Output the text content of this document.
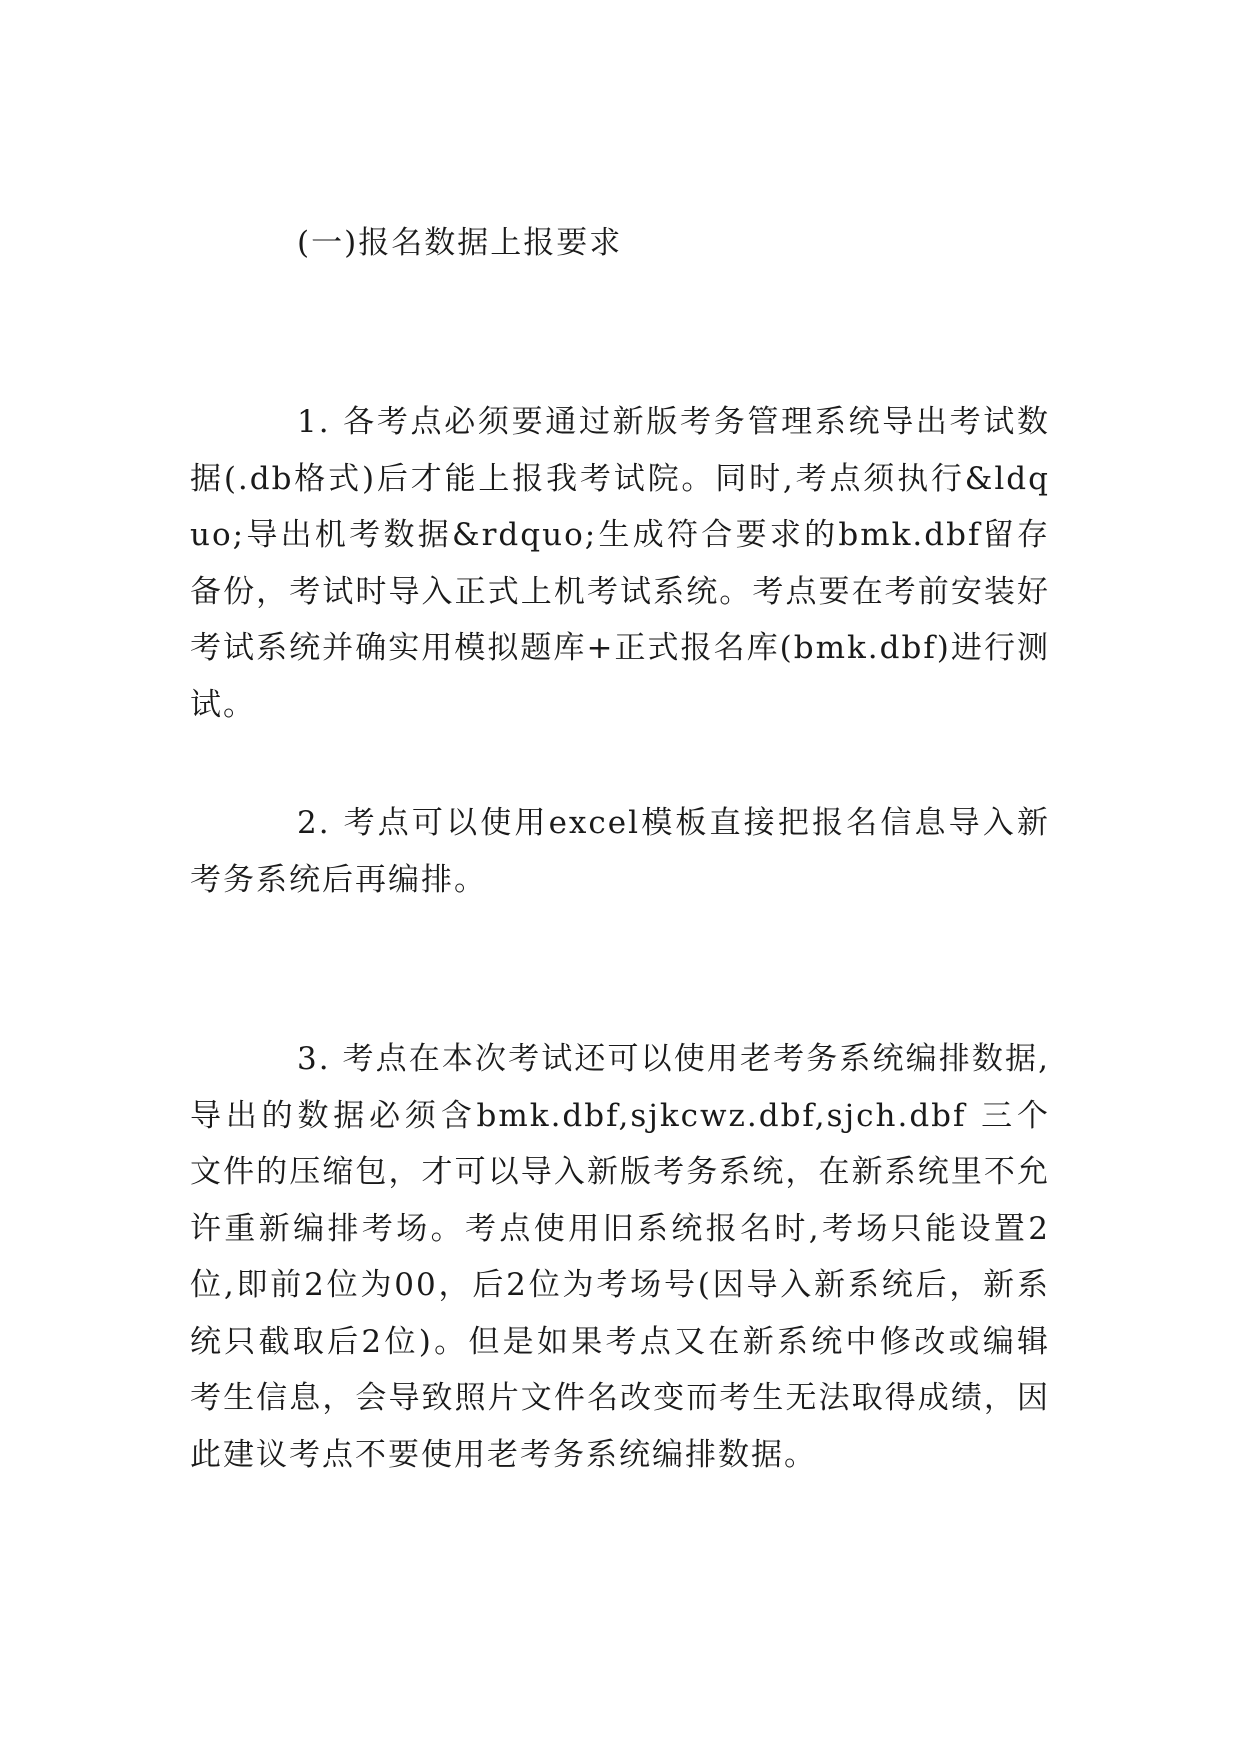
(一)报名数据上报要求

1. 各考点必须要通过新版考务管理系统导出考试数据(.db格式)后才能上报我考试院。同时,考点须执行&ldquo;导出机考数据&rdquo;生成符合要求的bmk.dbf留存备份，考试时导入正式上机考试系统。考点要在考前安装好考试系统并确实用模拟题库+正式报名库(bmk.dbf)进行测试。

2. 考点可以使用excel模板直接把报名信息导入新考务系统后再编排。

3. 考点在本次考试还可以使用老考务系统编排数据,导出的数据必须含bmk.dbf,sjkcwz.dbf,sjch.dbf 三个文件的压缩包，才可以导入新版考务系统，在新系统里不允许重新编排考场。考点使用旧系统报名时,考场只能设置2位,即前2位为00，后2位为考场号(因导入新系统后，新系统只截取后2位)。但是如果考点又在新系统中修改或编辑考生信息，会导致照片文件名改变而考生无法取得成绩，因此建议考点不要使用老考务系统编排数据。
